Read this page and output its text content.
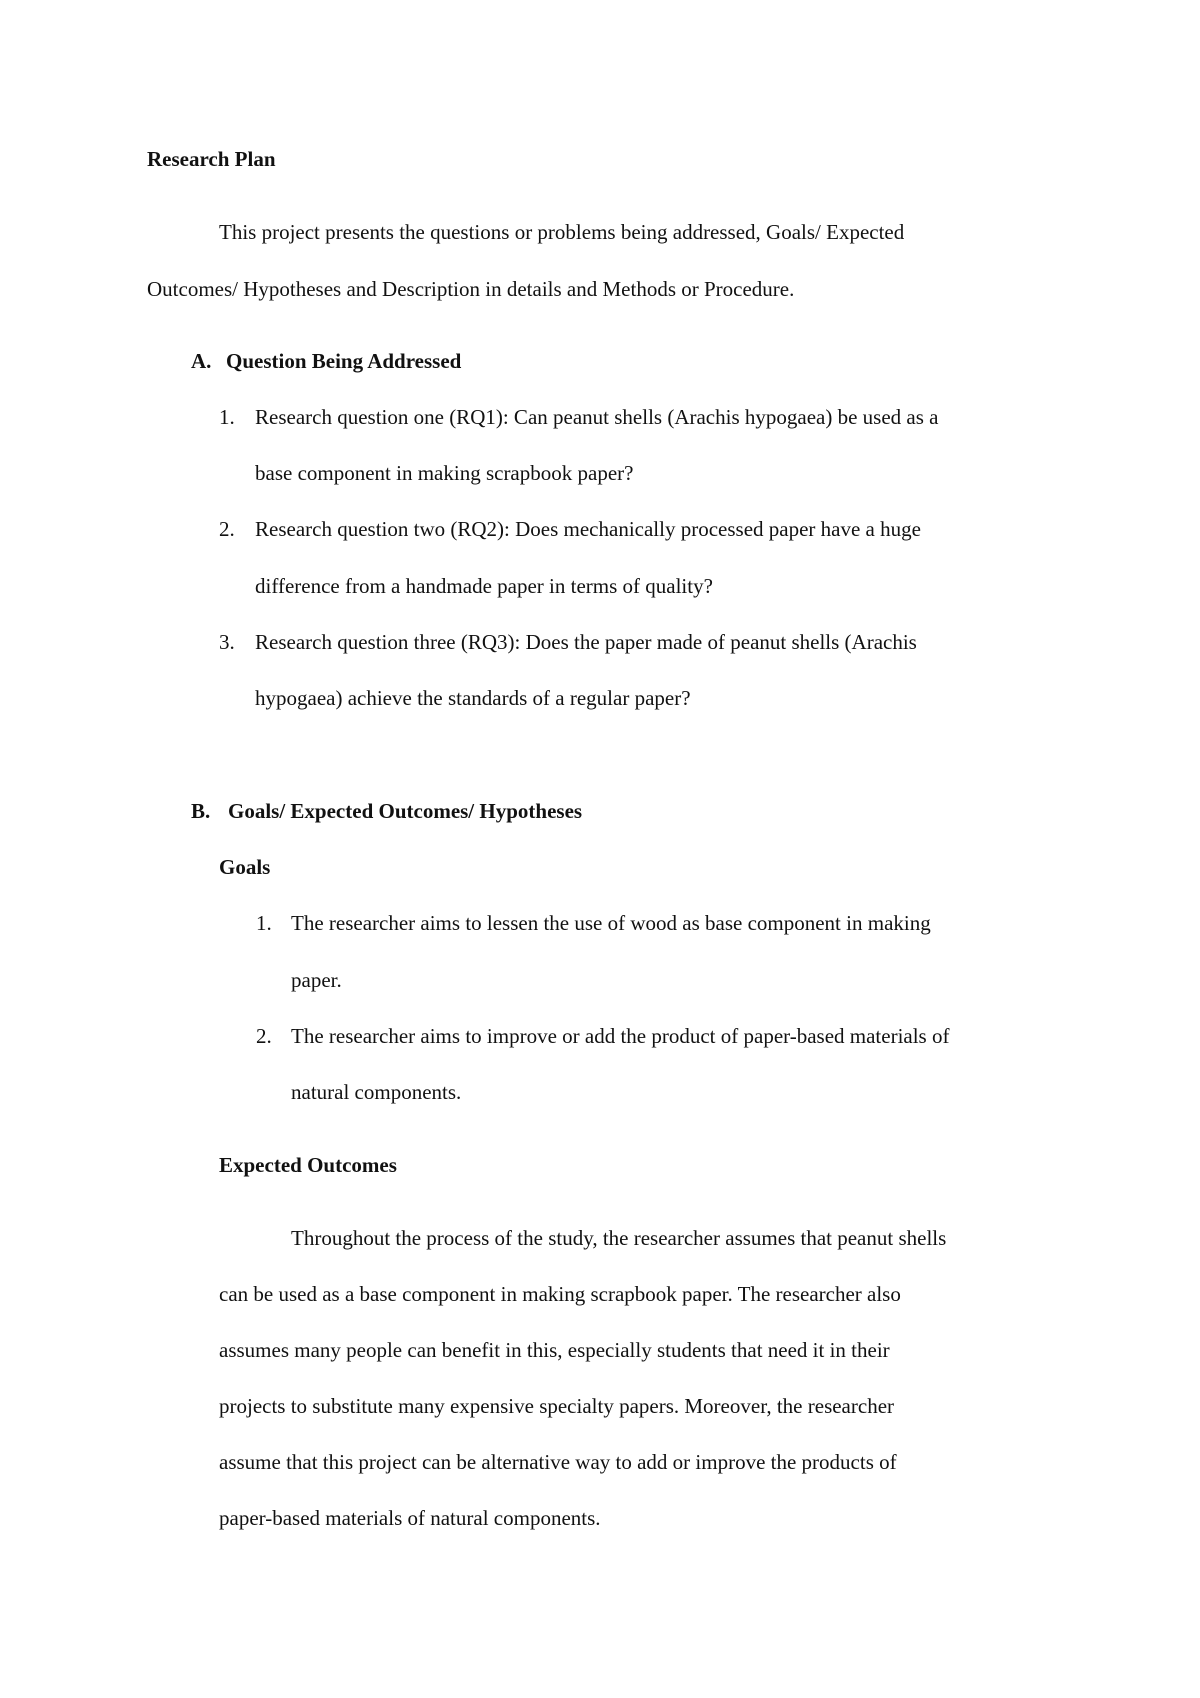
Research Plan
This project presents the questions or problems being addressed, Goals/ Expected
Outcomes/ Hypotheses and Description in details and Methods or Procedure.
A. Question Being Addressed
1. Research question one (RQ1): Can peanut shells (Arachis hypogaea) be used as a
base component in making scrapbook paper?
2. Research question two (RQ2): Does mechanically processed paper have a huge
difference from a handmade paper in terms of quality?
3. Research question three (RQ3): Does the paper made of peanut shells (Arachis
hypogaea) achieve the standards of a regular paper?
B. Goals/ Expected Outcomes/ Hypotheses
Goals
1. The researcher aims to lessen the use of wood as base component in making
paper.
2. The researcher aims to improve or add the product of paper-based materials of
natural components.
Expected Outcomes
Throughout the process of the study, the researcher assumes that peanut shells
can be used as a base component in making scrapbook paper. The researcher also
assumes many people can benefit in this, especially students that need it in their
projects to substitute many expensive specialty papers. Moreover, the researcher
assume that this project can be alternative way to add or improve the products of
paper-based materials of natural components.
